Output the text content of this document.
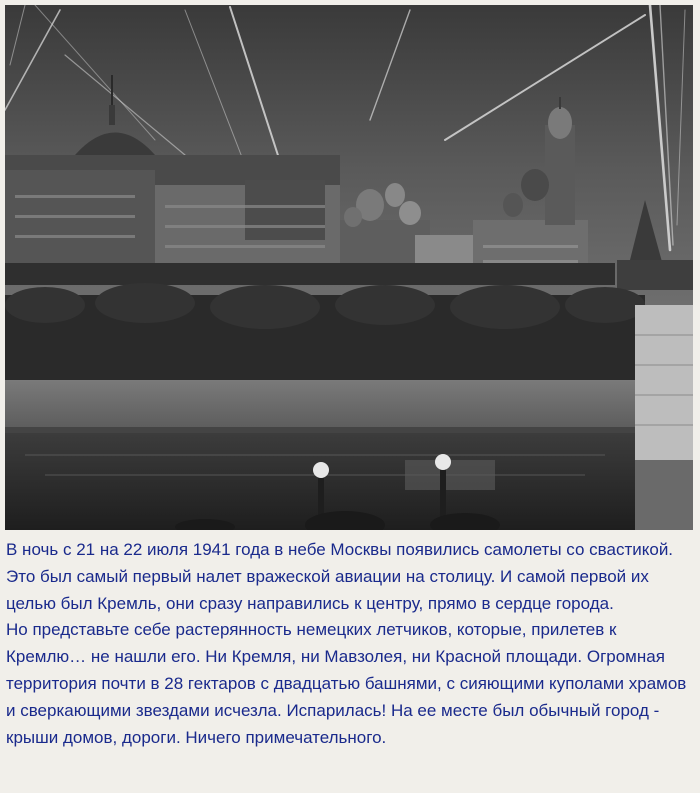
В ночь с 21 на 22 июля 1941 года в небе Москвы появились самолеты со свастикой. Это был самый первый налет вражеской авиации на столицу. И самой первой их целью был Кремль, они сразу направились к центру, прямо в сердце города.

Но представьте себе растерянность немецких летчиков, которые, прилетев к Кремлю… не нашли его. Ни Кремля, ни Мавзолея, ни Красной площади. Огромная территория почти в 28 гектаров с двадцатью башнями, с сияющими куполами храмов и сверкающими звездами исчезла. Испарилась! На ее месте был обычный город - крыши домов, дороги. Ничего примечательного.
